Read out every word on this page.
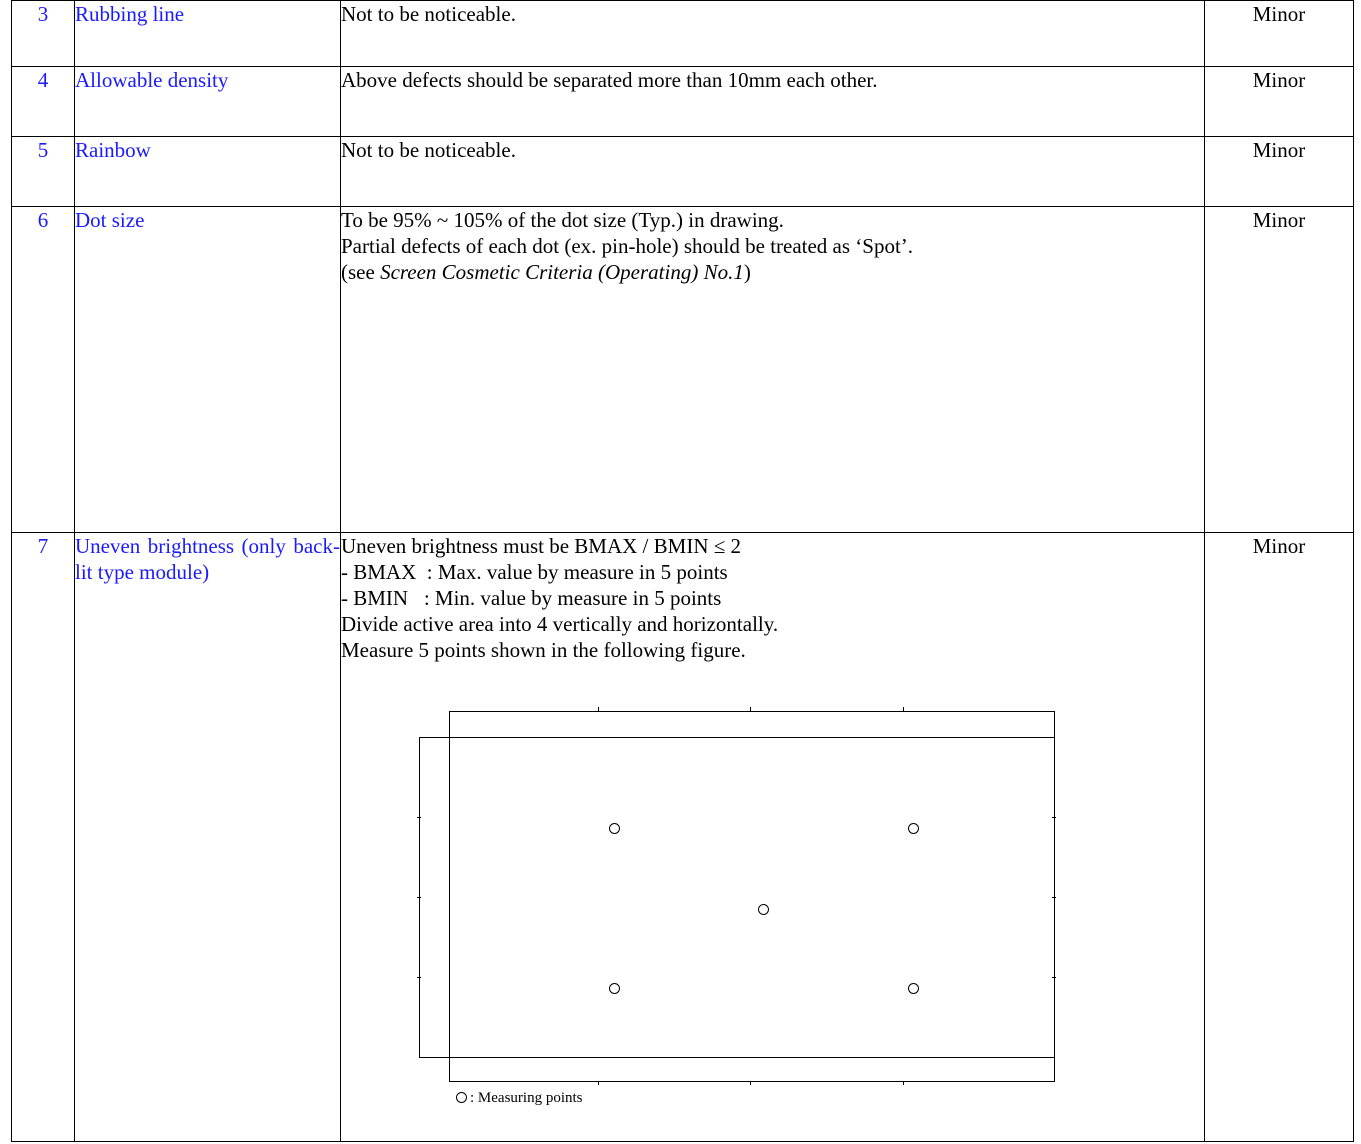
3	Rubbing line	Not to be noticeable.	Minor
4	Allowable density	Above defects should be separated more than 10mm each other.	Minor
5	Rainbow	Not to be noticeable.	Minor
6	Dot size	To be 95% ~ 105% of the dot size (Typ.) in drawing.
Partial defects of each dot (ex. pin-hole) should be treated as ‘Spot’.
(see Screen Cosmetic Criteria (Operating) No.1)	Minor
7	Uneven brightness (only back-lit type module)	Uneven brightness must be BMAX / BMIN ≤ 2
- BMAX  : Max. value by measure in 5 points
- BMIN   : Min. value by measure in 5 points
Divide active area into 4 vertically and horizontally.
Measure 5 points shown in the following figure.	Minor
: Measuring points
